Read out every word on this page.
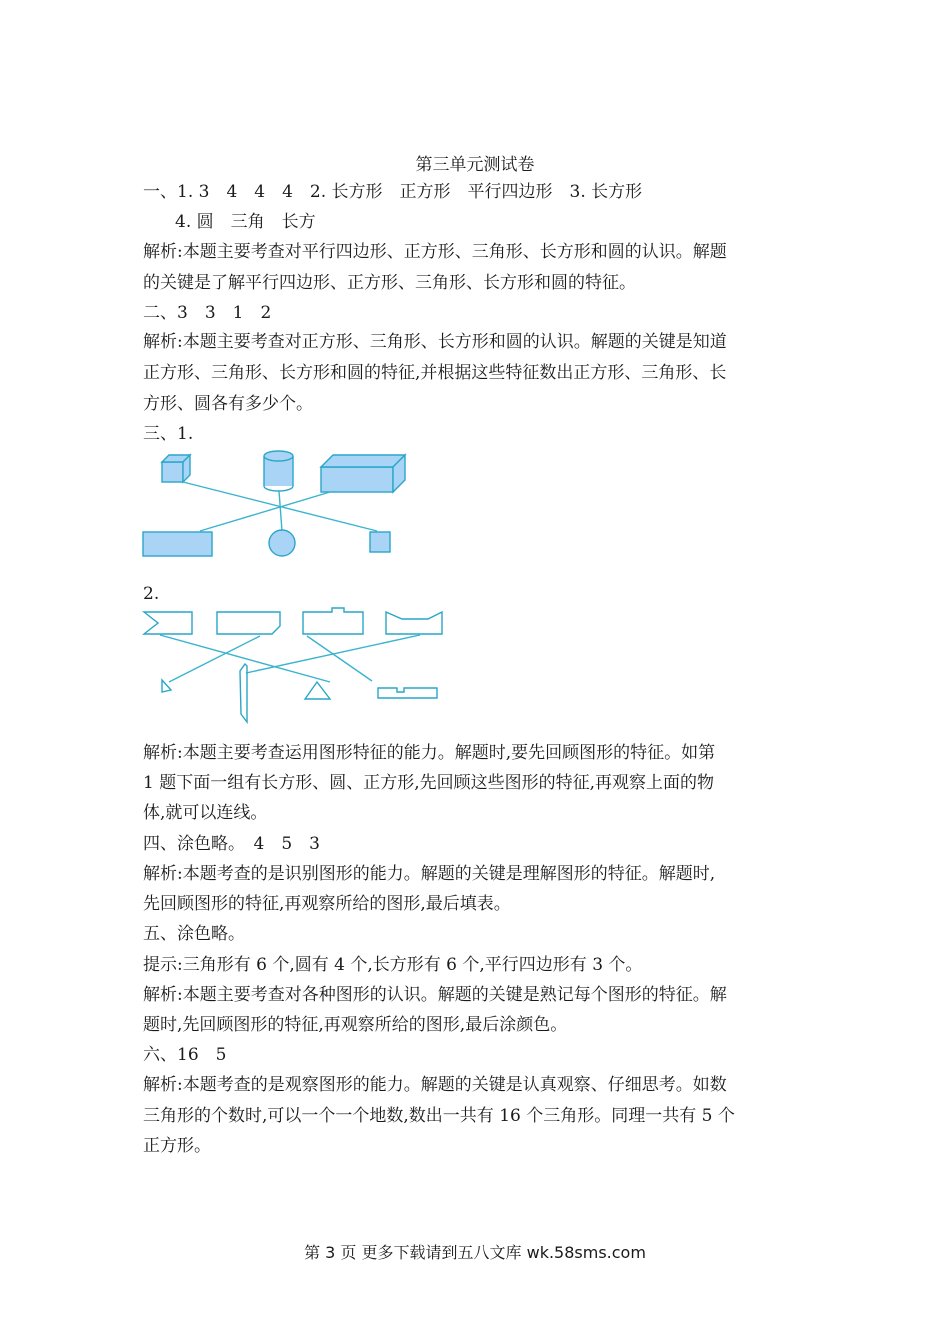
第三单元测试卷
一、1. 3　4　4　4　2. 长方形　正方形　平行四边形　3. 长方形
4. 圆　三角　长方
解析:本题主要考查对平行四边形、正方形、三角形、长方形和圆的认识。解题
的关键是了解平行四边形、正方形、三角形、长方形和圆的特征。
二、3　3　1　2
解析:本题主要考查对正方形、三角形、长方形和圆的认识。解题的关键是知道
正方形、三角形、长方形和圆的特征,并根据这些特征数出正方形、三角形、长
方形、圆各有多少个。
三、1.
2.
解析:本题主要考查运用图形特征的能力。解题时,要先回顾图形的特征。如第
1 题下面一组有长方形、圆、正方形,先回顾这些图形的特征,再观察上面的物
体,就可以连线。
四、涂色略。　4　5　3
解析:本题考查的是识别图形的能力。解题的关键是理解图形的特征。解题时,
先回顾图形的特征,再观察所给的图形,最后填表。
五、涂色略。
提示:三角形有 6 个,圆有 4 个,长方形有 6 个,平行四边形有 3 个。
解析:本题主要考查对各种图形的认识。解题的关键是熟记每个图形的特征。解
题时,先回顾图形的特征,再观察所给的图形,最后涂颜色。
六、16　5
解析:本题考查的是观察图形的能力。解题的关键是认真观察、仔细思考。如数
三角形的个数时,可以一个一个地数,数出一共有 16 个三角形。同理一共有 5 个
正方形。
第 3 页 更多下载请到五八文库 wk.58sms.com
